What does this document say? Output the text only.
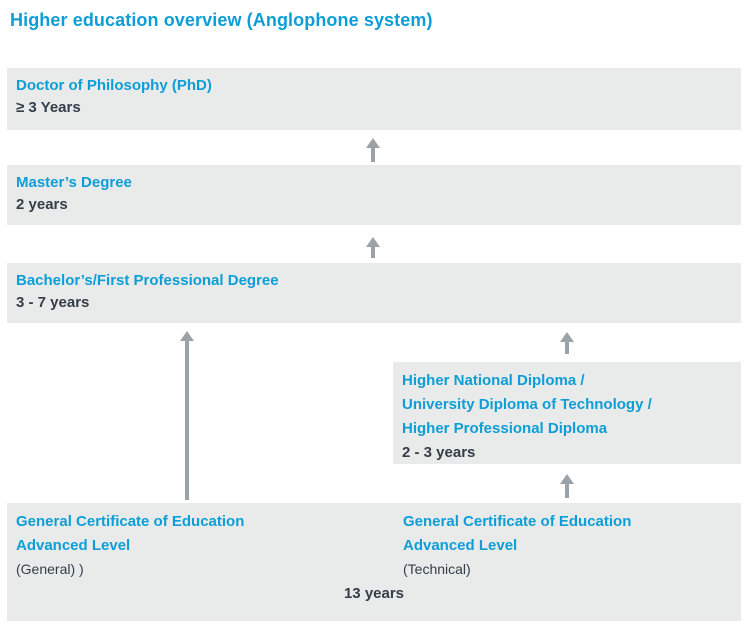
Higher education overview (Anglophone system)
Doctor of Philosophy (PhD)
≥ 3 Years
Master’s Degree
2 years
Bachelor’s/First Professional Degree
3 - 7 years
Higher National Diploma /
University Diploma of Technology /
Higher Professional Diploma
2 - 3 years
General Certificate of Education
Advanced Level
(General) )
General Certificate of Education
Advanced Level
(Technical)
13 years
